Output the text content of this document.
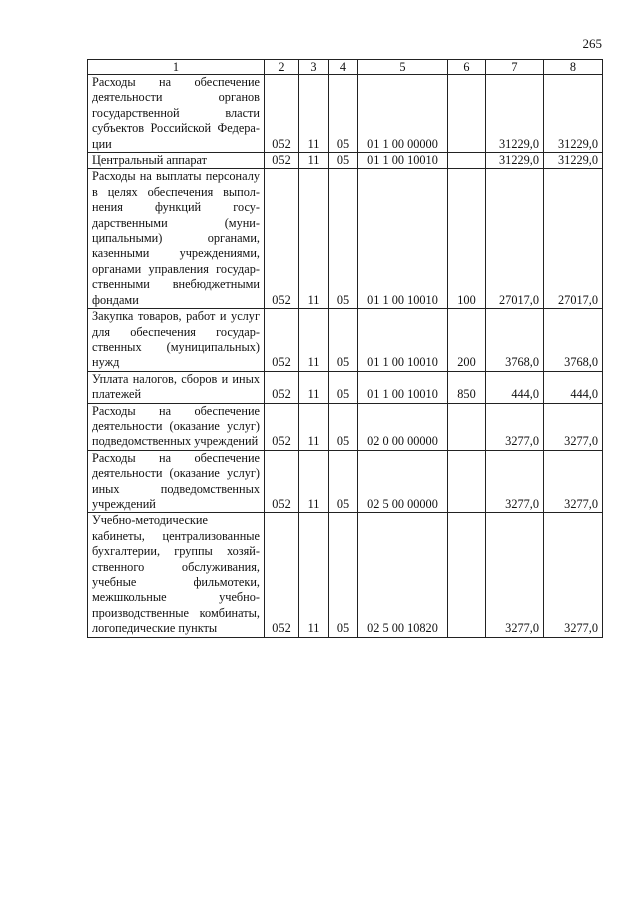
265
1	2	3	4	5	6	7	8
Расходы на обеспечение деятельности органов государственной власти субъектов Российской Федерации	052	11	05	01 1 00 00000		31229,0	31229,0
Центральный аппарат	052	11	05	01 1 00 10010		31229,0	31229,0
Расходы на выплаты персоналу в целях обеспечения выполнения функций государственными (муниципальными) органами, казенными учреждениями, органами управления государственными внебюджетными фондами	052	11	05	01 1 00 10010	100	27017,0	27017,0
Закупка товаров, работ и услуг для обеспечения государственных (муниципальных) нужд	052	11	05	01 1 00 10010	200	3768,0	3768,0
Уплата налогов, сборов и иных платежей	052	11	05	01 1 00 10010	850	444,0	444,0
Расходы на обеспечение деятельности (оказание услуг) подведомственных учреждений	052	11	05	02 0 00 00000		3277,0	3277,0
Расходы на обеспечение деятельности (оказание услуг) иных подведомственных учреждений	052	11	05	02 5 00 00000		3277,0	3277,0
Учебно-методические кабинеты, централизованные бухгалтерии, группы хозяйственного обслуживания, учебные фильмотеки, межшкольные учебно-производственные комбинаты, логопедические пункты	052	11	05	02 5 00 10820		3277,0	3277,0
